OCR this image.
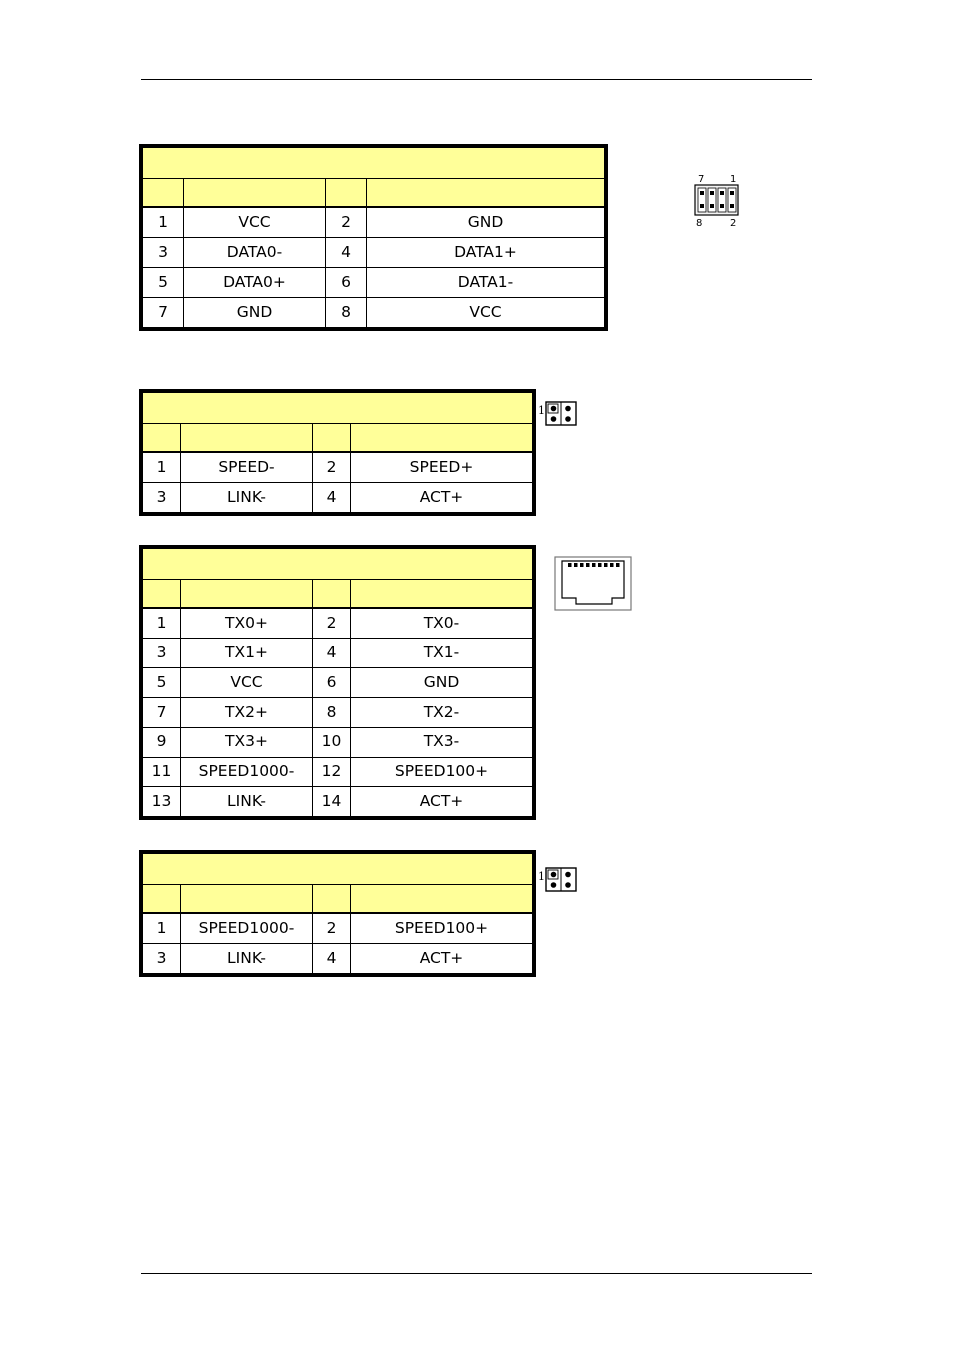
1	VCC	2	GND
3	DATA0-	4	DATA1+
5	DATA0+	6	DATA1-
7	GND	8	VCC
7	1
8	2

1	SPEED-	2	SPEED+
3	LINK-	4	ACT+
1

1	TX0+	2	TX0-
3	TX1+	4	TX1-
5	VCC	6	GND
7	TX2+	8	TX2-
9	TX3+	10	TX3-
11	SPEED1000-	12	SPEED100+
13	LINK-	14	ACT+

1	SPEED1000-	2	SPEED100+
3	LINK-	4	ACT+
1
